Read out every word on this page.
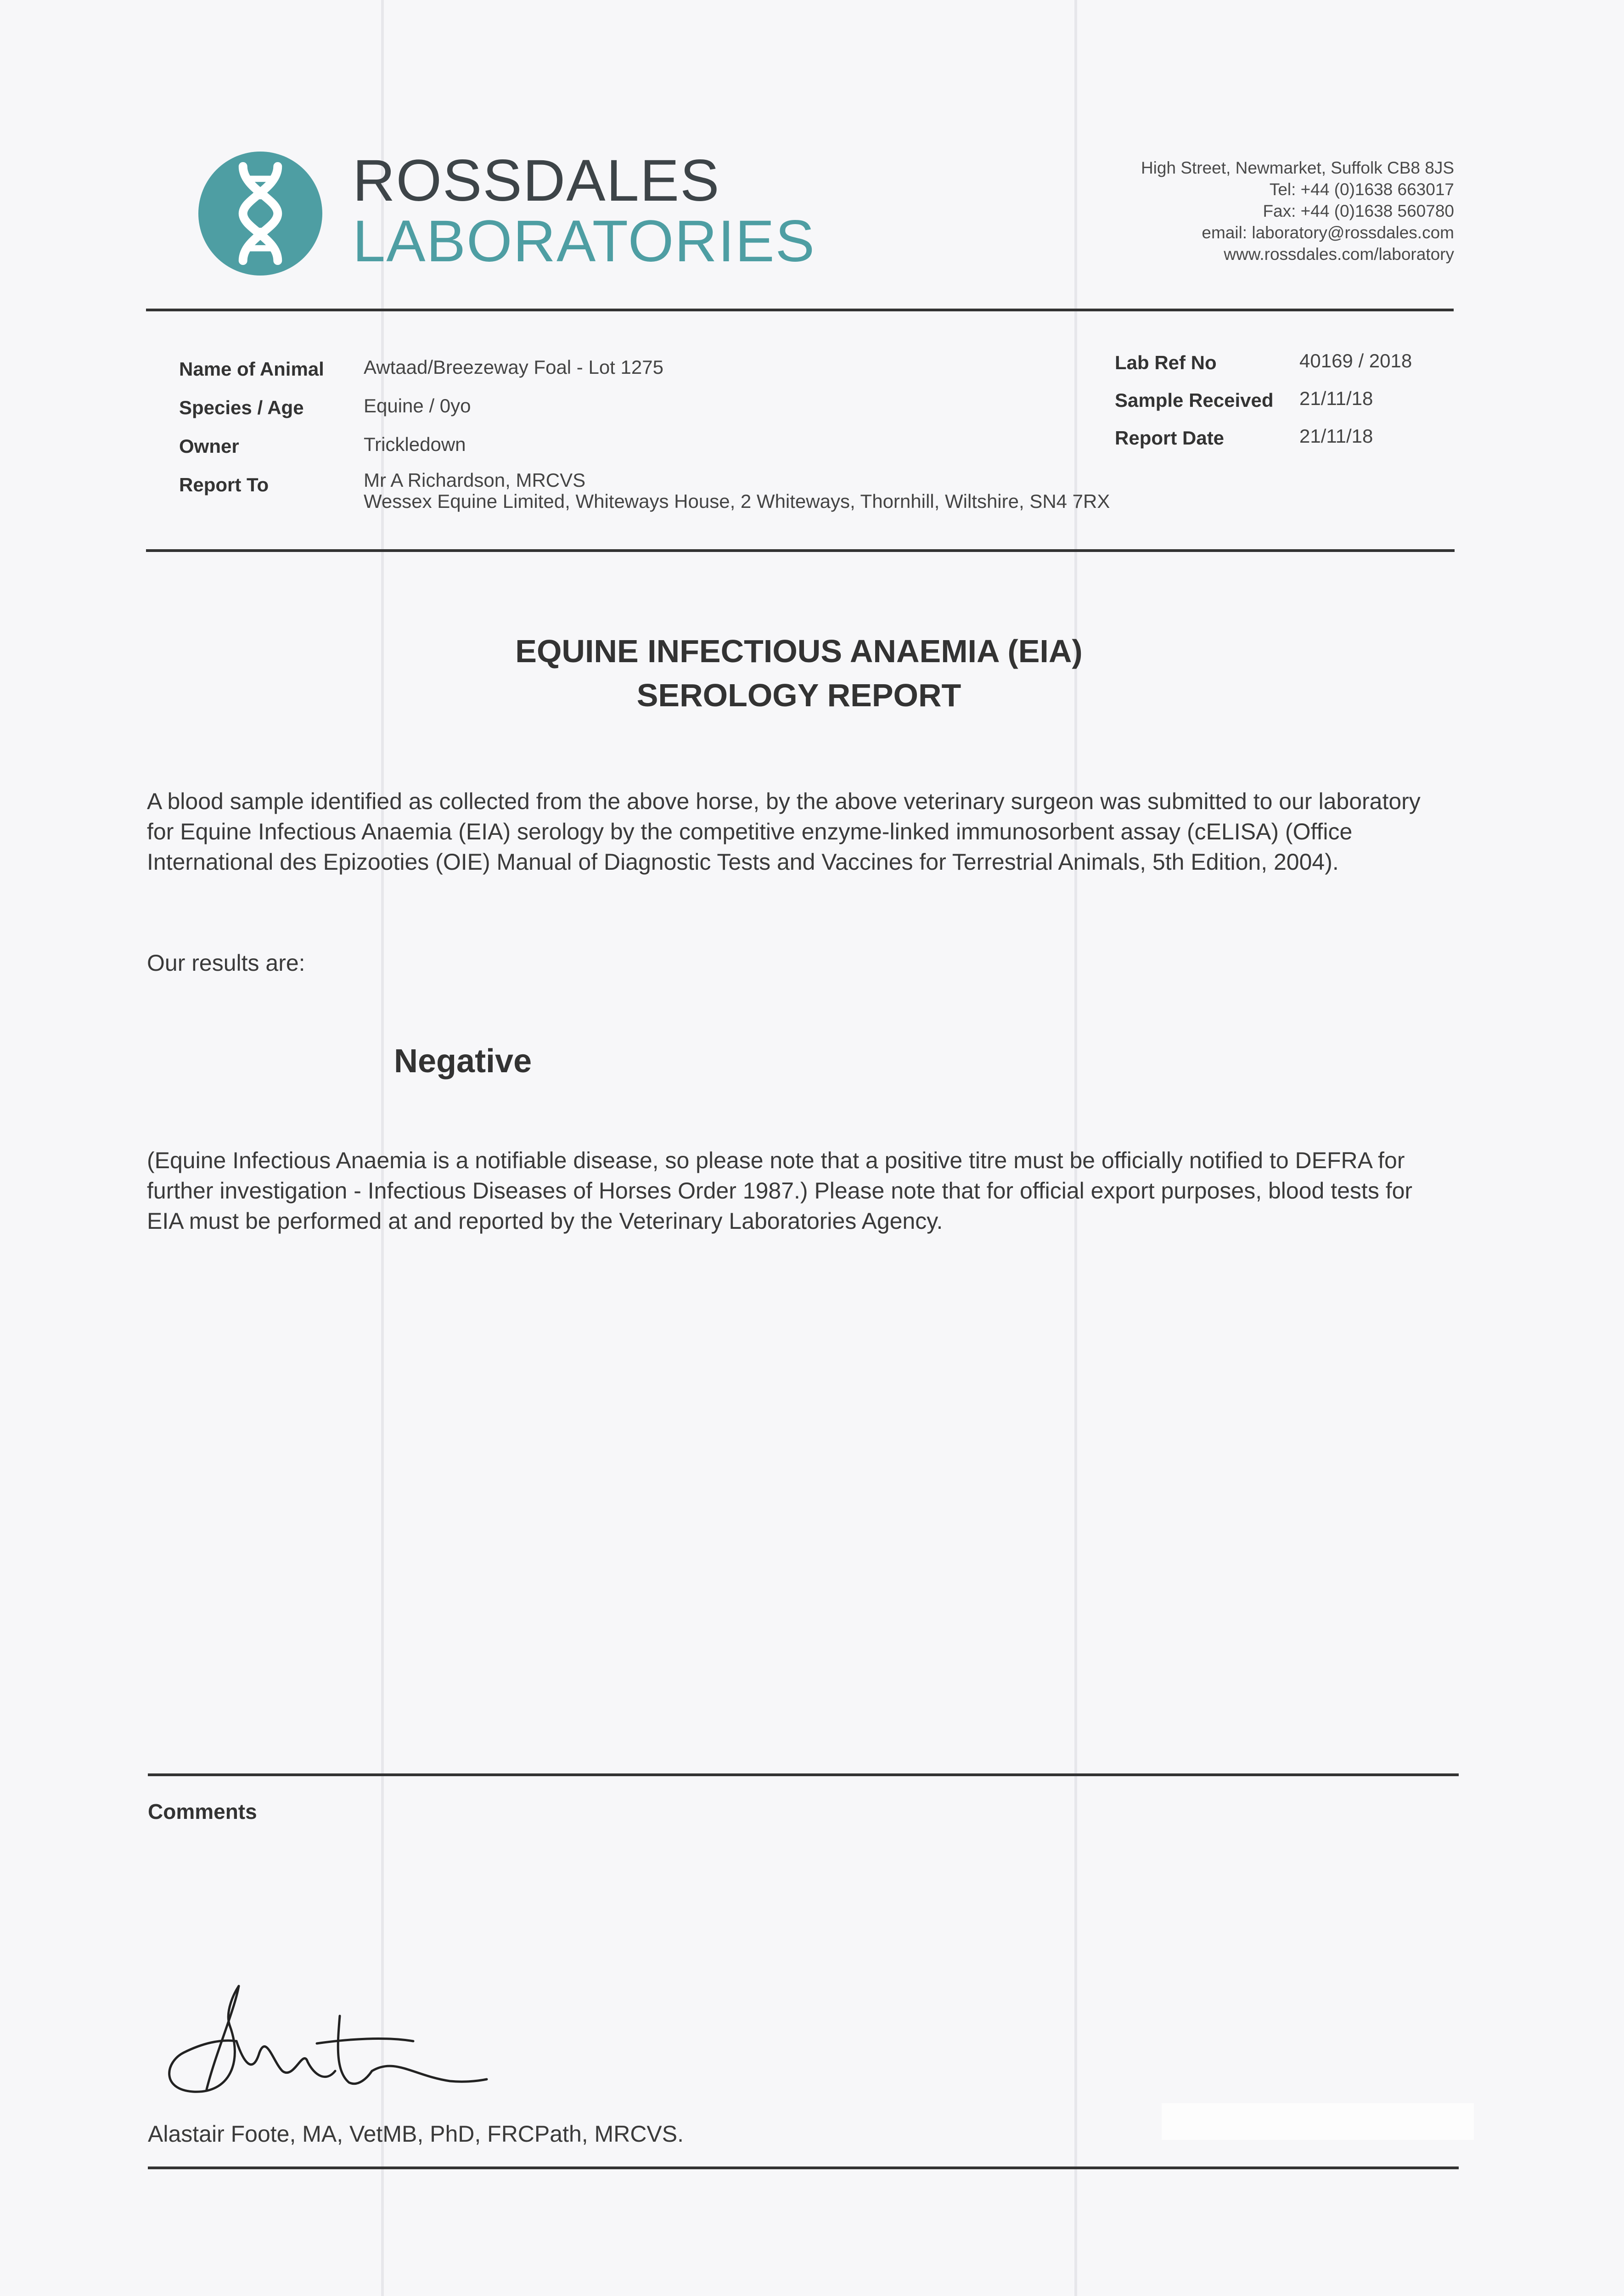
ROSSDALES
LABORATORIES
High Street, Newmarket, Suffolk CB8 8JS
Tel: +44 (0)1638 663017
Fax: +44 (0)1638 560780
email: laboratory@rossdales.com
www.rossdales.com/laboratory
Name of Animal Awtaad/Breezeway Foal - Lot 1275
Species / Age	Equine / 0yo
Owner	Trickledown
Report To	Mr A Richardson, MRCVS
Wessex Equine Limited, Whiteways House, 2 Whiteways, Thornhill, Wiltshire, SN4 7RX
Lab Ref No	40169 / 2018
Sample Received 21/11/18
Report Date	21/11/18
EQUINE INFECTIOUS ANAEMIA (EIA)
SEROLOGY REPORT
A blood sample identified as collected from the above horse, by the above veterinary surgeon was submitted to our laboratory for Equine Infectious Anaemia (EIA) serology by the competitive enzyme-linked immunosorbent assay (cELISA) (Office International des Epizooties (OIE) Manual of Diagnostic Tests and Vaccines for Terrestrial Animals, 5th Edition, 2004).
Our results are:
Negative
(Equine Infectious Anaemia is a notifiable disease, so please note that a positive titre must be officially notified to DEFRA for further investigation - Infectious Diseases of Horses Order 1987.) Please note that for official export purposes, blood tests for EIA must be performed at and reported by the Veterinary Laboratories Agency.
Comments
Alastair Foote, MA, VetMB, PhD, FRCPath, MRCVS.
